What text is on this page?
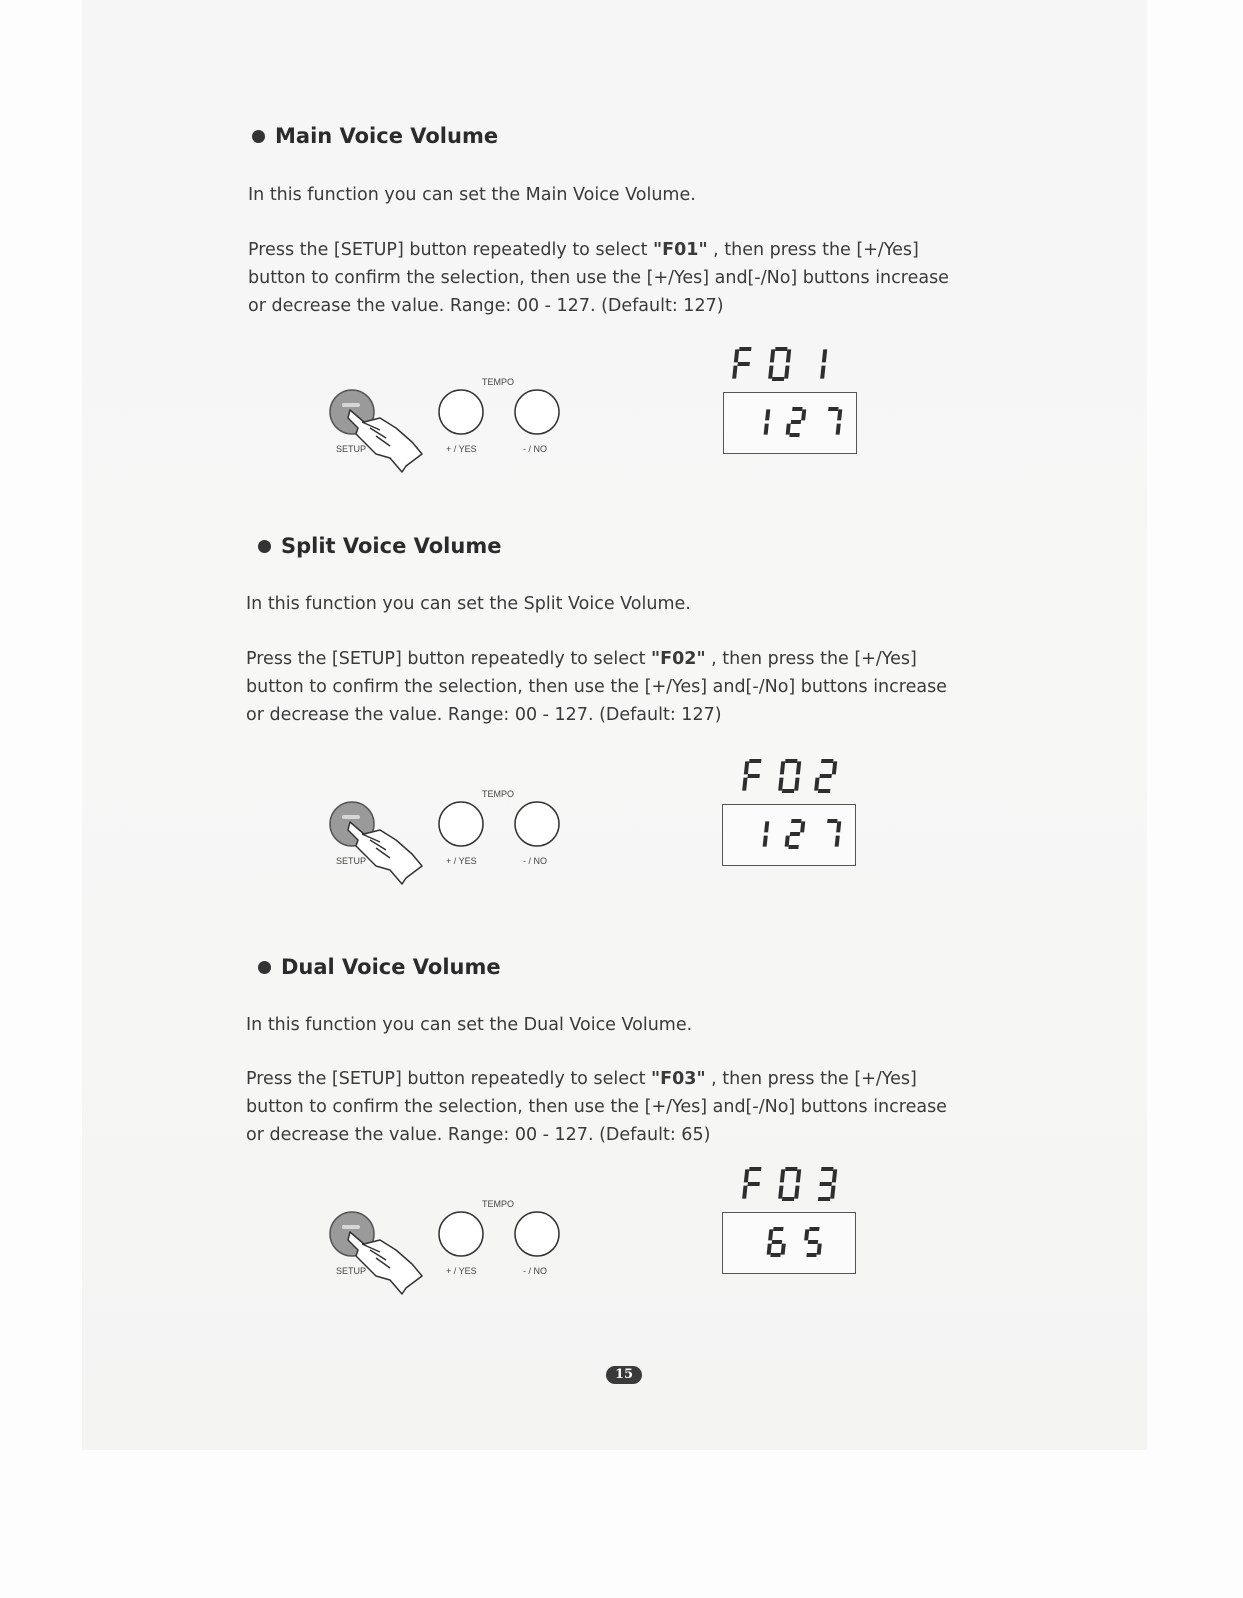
Main Voice Volume

In this function you can set the Main Voice Volume.

Press the [SETUP] button repeatedly to select "F01" , then press the [+/Yes]
button to confirm the selection, then use the [+/Yes] and[-/No] buttons increase
or decrease the value. Range: 00 - 127. (Default: 127)

TEMPO
SETUP	+ / YES	- / NO
Split Voice Volume

In this function you can set the Split Voice Volume.

Press the [SETUP] button repeatedly to select "F02" , then press the [+/Yes]
button to confirm the selection, then use the [+/Yes] and[-/No] buttons increase
or decrease the value. Range: 00 - 127. (Default: 127)

TEMPO
SETUP	+ / YES	- / NO
Dual Voice Volume

In this function you can set the Dual Voice Volume.

Press the [SETUP] button repeatedly to select "F03" , then press the [+/Yes]
button to confirm the selection, then use the [+/Yes] and[-/No] buttons increase
or decrease the value. Range: 00 - 127. (Default: 65)

TEMPO
SETUP	+ / YES	- / NO
15
